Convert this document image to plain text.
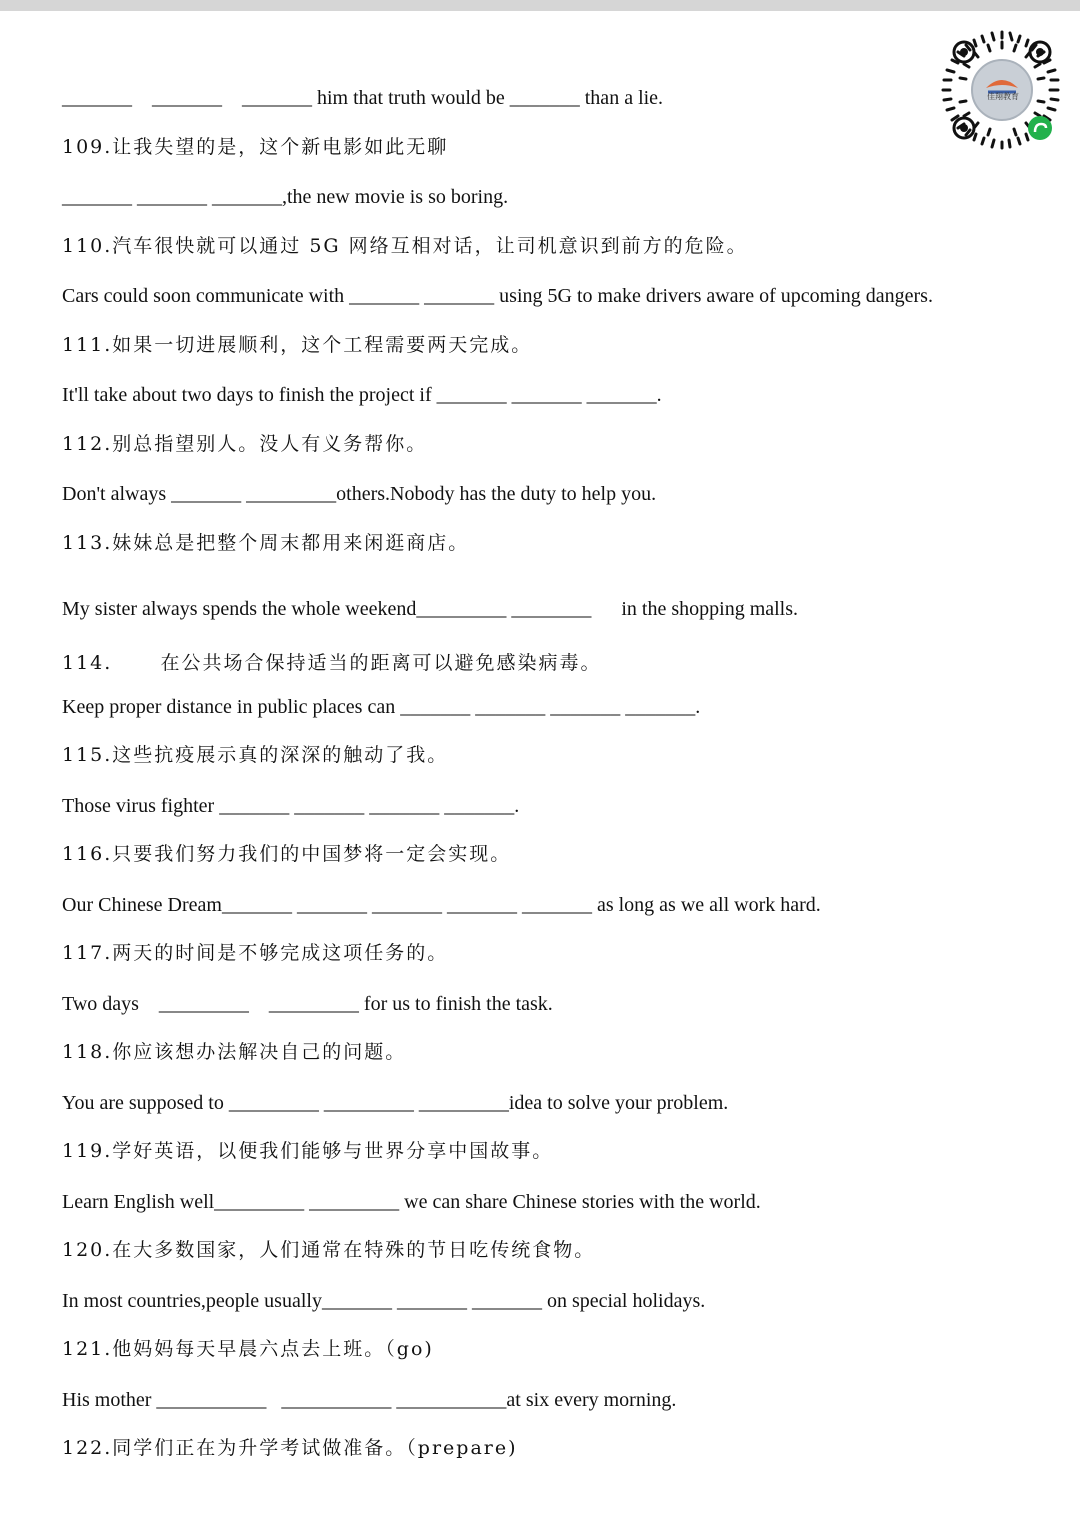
_______    _______    _______ him that truth would be _______ than a lie.
109.让我失望的是，这个新电影如此无聊
_______ _______ _______,the new movie is so boring.
110.汽车很快就可以通过 5G 网络互相对话，让司机意识到前方的危险。
Cars could soon communicate with _______ _______ using 5G to make drivers aware of upcoming dangers.
111.如果一切进展顺利，这个工程需要两天完成。
It'll take about two days to finish the project if _______ _______ _______.
112.别总指望别人。没人有义务帮你。
Don't always _______ _________others.Nobody has the duty to help you.
113.妹妹总是把整个周末都用来闲逛商店。
My sister always spends the whole weekend_________ ________      in the shopping malls.
114.      在公共场合保持适当的距离可以避免感染病毒。
Keep proper distance in public places can _______ _______ _______ _______.
115.这些抗疫展示真的深深的触动了我。
Those virus fighter _______ _______ _______ _______.
116.只要我们努力我们的中国梦将一定会实现。
Our Chinese Dream_______ _______ _______ _______ _______ as long as we all work hard.
117.两天的时间是不够完成这项任务的。
Two days    _________    _________ for us to finish the task.
118.你应该想办法解决自己的问题。
You are supposed to _________ _________ _________idea to solve your problem.
119.学好英语，以便我们能够与世界分享中国故事。
Learn English well_________ _________ we can share Chinese stories with the world.
120.在大多数国家，人们通常在特殊的节日吃传统食物。
In most countries,people usually_______ _______ _______ on special holidays.
121.他妈妈每天早晨六点去上班。（go)
His mother ___________   ___________ ___________at six every morning.
122.同学们正在为升学考试做准备。（prepare)
佳翔教育
